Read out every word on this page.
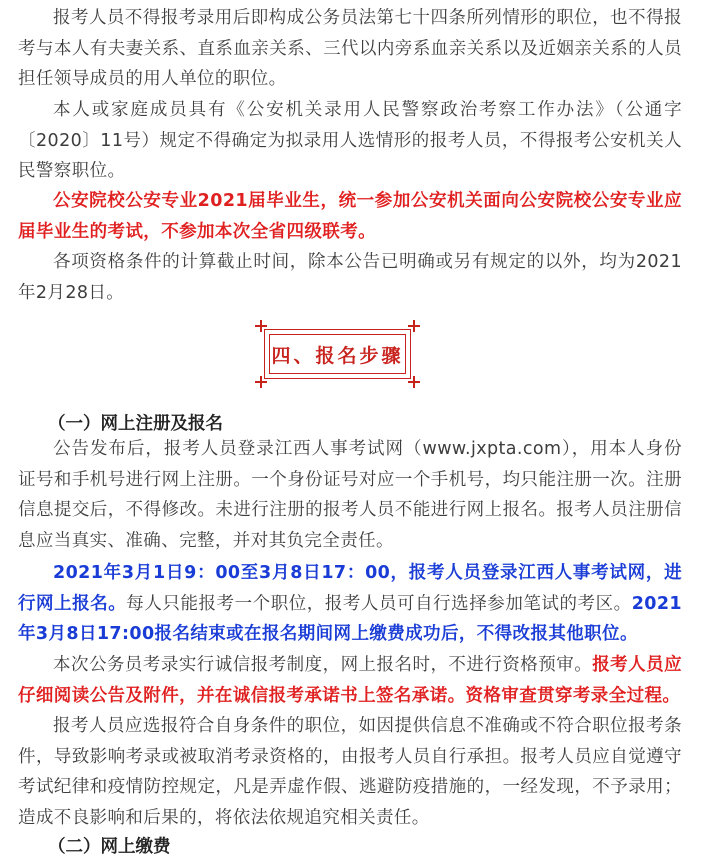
报考人员不得报考录用后即构成公务员法第七十四条所列情形的职位，也不得报考与本人有夫妻关系、直系血亲关系、三代以内旁系血亲关系以及近姻亲关系的人员担任领导成员的用人单位的职位。

本人或家庭成员具有《公安机关录用人民警察政治考察工作办法》（公通字〔2020〕11号）规定不得确定为拟录用人选情形的报考人员，不得报考公安机关人民警察职位。

公安院校公安专业2021届毕业生，统一参加公安机关面向公安院校公安专业应届毕业生的考试，不参加本次全省四级联考。

各项资格条件的计算截止时间，除本公告已明确或另有规定的以外，均为2021年2月28日。

四、报名步骤

（一）网上注册及报名

公告发布后，报考人员登录江西人事考试网（www.jxpta.com），用本人身份证号和手机号进行网上注册。一个身份证号对应一个手机号，均只能注册一次。注册信息提交后，不得修改。未进行注册的报考人员不能进行网上报名。报考人员注册信息应当真实、准确、完整，并对其负完全责任。

2021年3月1日9：00至3月8日17：00，报考人员登录江西人事考试网，进行网上报名。每人只能报考一个职位，报考人员可自行选择参加笔试的考区。2021年3月8日17:00报名结束或在报名期间网上缴费成功后，不得改报其他职位。

本次公务员考录实行诚信报考制度，网上报名时，不进行资格预审。报考人员应仔细阅读公告及附件，并在诚信报考承诺书上签名承诺。资格审查贯穿考录全过程。

报考人员应选报符合自身条件的职位，如因提供信息不准确或不符合职位报考条件，导致影响考录或被取消考录资格的，由报考人员自行承担。报考人员应自觉遵守考试纪律和疫情防控规定，凡是弄虚作假、逃避防疫措施的，一经发现，不予录用；造成不良影响和后果的，将依法依规追究相关责任。

（二）网上缴费
